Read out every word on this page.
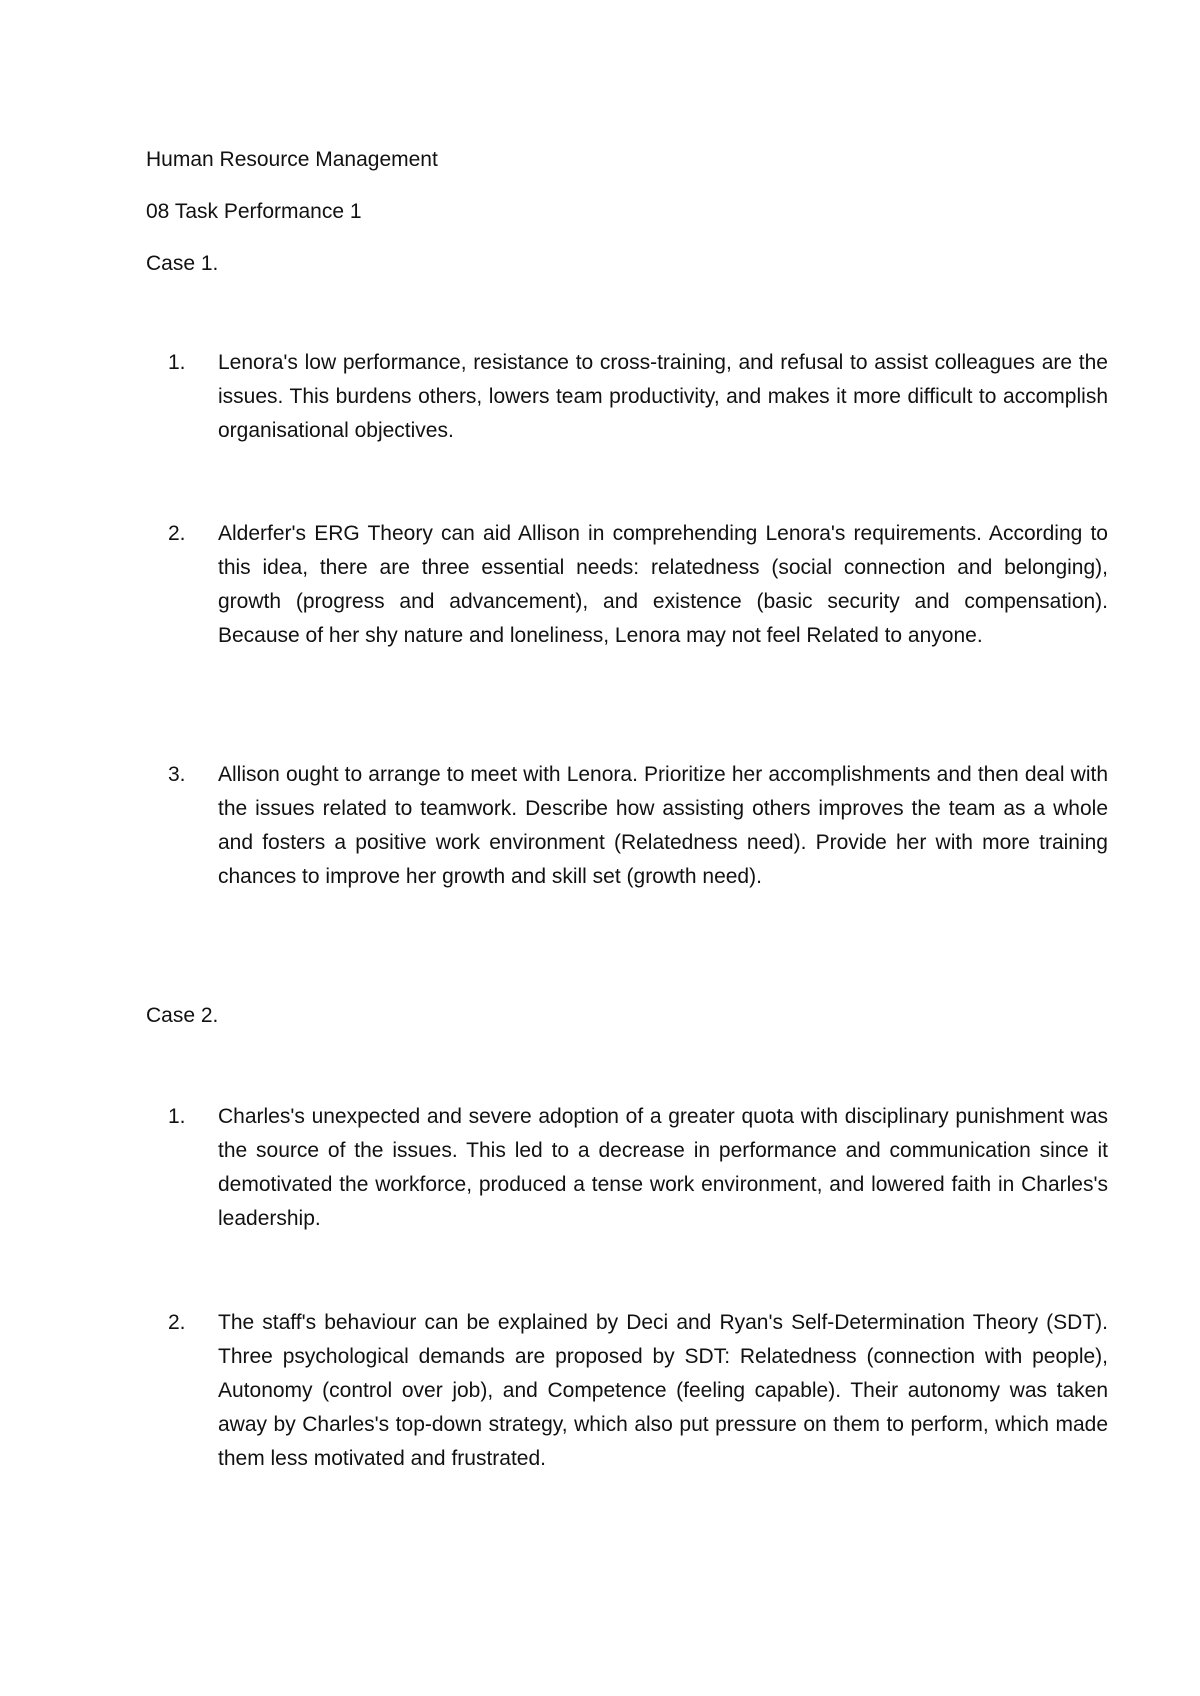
Human Resource Management
08 Task Performance 1
Case 1.
1. Lenora's low performance, resistance to cross-training, and refusal to assist colleagues are the issues. This burdens others, lowers team productivity, and makes it more difficult to accomplish organisational objectives.
2. Alderfer's ERG Theory can aid Allison in comprehending Lenora's requirements. According to this idea, there are three essential needs: relatedness (social connection and belonging), growth (progress and advancement), and existence (basic security and compensation). Because of her shy nature and loneliness, Lenora may not feel Related to anyone.
3. Allison ought to arrange to meet with Lenora. Prioritize her accomplishments and then deal with the issues related to teamwork. Describe how assisting others improves the team as a whole and fosters a positive work environment (Relatedness need). Provide her with more training chances to improve her growth and skill set (growth need).
Case 2.
1. Charles's unexpected and severe adoption of a greater quota with disciplinary punishment was the source of the issues. This led to a decrease in performance and communication since it demotivated the workforce, produced a tense work environment, and lowered faith in Charles's leadership.
2. The staff's behaviour can be explained by Deci and Ryan's Self-Determination Theory (SDT). Three psychological demands are proposed by SDT: Relatedness (connection with people), Autonomy (control over job), and Competence (feeling capable). Their autonomy was taken away by Charles's top-down strategy, which also put pressure on them to perform, which made them less motivated and frustrated.
